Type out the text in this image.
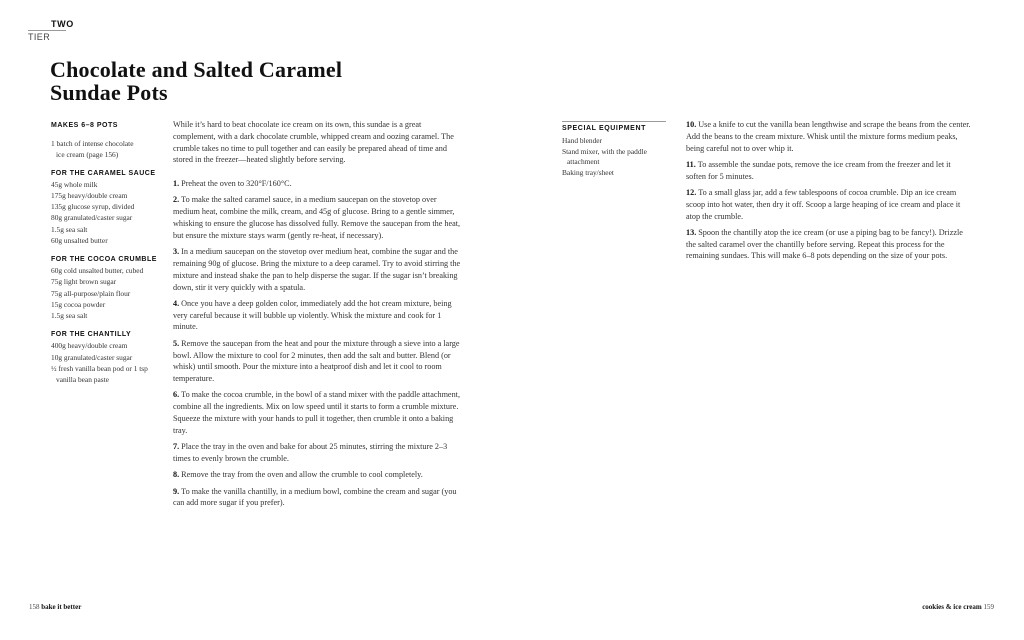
TWO
TIER
Chocolate and Salted Caramel
Sundae Pots
MAKES 6–8 POTS
1 batch of intense chocolate
ice cream (page 156)
FOR THE CARAMEL SAUCE
45g whole milk
175g heavy/double cream
135g glucose syrup, divided
80g granulated/caster sugar
1.5g sea salt
60g unsalted butter
FOR THE COCOA CRUMBLE
60g cold unsalted butter, cubed
75g light brown sugar
75g all-purpose/plain flour
15g cocoa powder
1.5g sea salt
FOR THE CHANTILLY
400g heavy/double cream
10g granulated/caster sugar
½ fresh vanilla bean pod or 1 tsp vanilla bean paste

While it’s hard to beat chocolate ice cream on its own, this sundae is a great complement, with a dark chocolate crumble, whipped cream and oozing caramel. The crumble takes no time to pull together and can easily be prepared ahead of time and stored in the freezer—heated slightly before serving.

1. Preheat the oven to 320°F/160°C.

2. To make the salted caramel sauce, in a medium saucepan on the stovetop over medium heat, combine the milk, cream, and 45g of glucose. Bring to a gentle simmer, whisking to ensure the glucose has dissolved fully. Remove the saucepan from the heat, but ensure the mixture stays warm (gently re-heat, if necessary).

3. In a medium saucepan on the stovetop over medium heat, combine the sugar and the remaining 90g of glucose. Bring the mixture to a deep caramel. Try to avoid stirring the mixture and instead shake the pan to help disperse the sugar. If the sugar isn’t breaking down, stir it very quickly with a spatula.

4. Once you have a deep golden color, immediately add the hot cream mixture, being very careful because it will bubble up violently. Whisk the mixture and cook for 1 minute.

5. Remove the saucepan from the heat and pour the mixture through a sieve into a large bowl. Allow the mixture to cool for 2 minutes, then add the salt and butter. Blend (or whisk) until smooth. Pour the mixture into a heatproof dish and let it cool to room temperature.

6. To make the cocoa crumble, in the bowl of a stand mixer with the paddle attachment, combine all the ingredients. Mix on low speed until it starts to form a crumble mixture. Squeeze the mixture with your hands to pull it together, then crumble it onto a baking tray.

7. Place the tray in the oven and bake for about 25 minutes, stirring the mixture 2–3 times to evenly brown the crumble.

8. Remove the tray from the oven and allow the crumble to cool completely.

9. To make the vanilla chantilly, in a medium bowl, combine the cream and sugar (you can add more sugar if you prefer).

SPECIAL EQUIPMENT
Hand blender
Stand mixer, with the paddle attachment
Baking tray/sheet

10. Use a knife to cut the vanilla bean lengthwise and scrape the beans from the center. Add the beans to the cream mixture. Whisk until the mixture forms medium peaks, being careful not to over whip it.

11. To assemble the sundae pots, remove the ice cream from the freezer and let it soften for 5 minutes.

12. To a small glass jar, add a few tablespoons of cocoa crumble. Dip an ice cream scoop into hot water, then dry it off. Scoop a large heaping of ice cream and place it atop the crumble.

13. Spoon the chantilly atop the ice cream (or use a piping bag to be fancy!). Drizzle the salted caramel over the chantilly before serving. Repeat this process for the remaining sundaes. This will make 6–8 pots depending on the size of your pots.

158 bake it better	cookies & ice cream 159
